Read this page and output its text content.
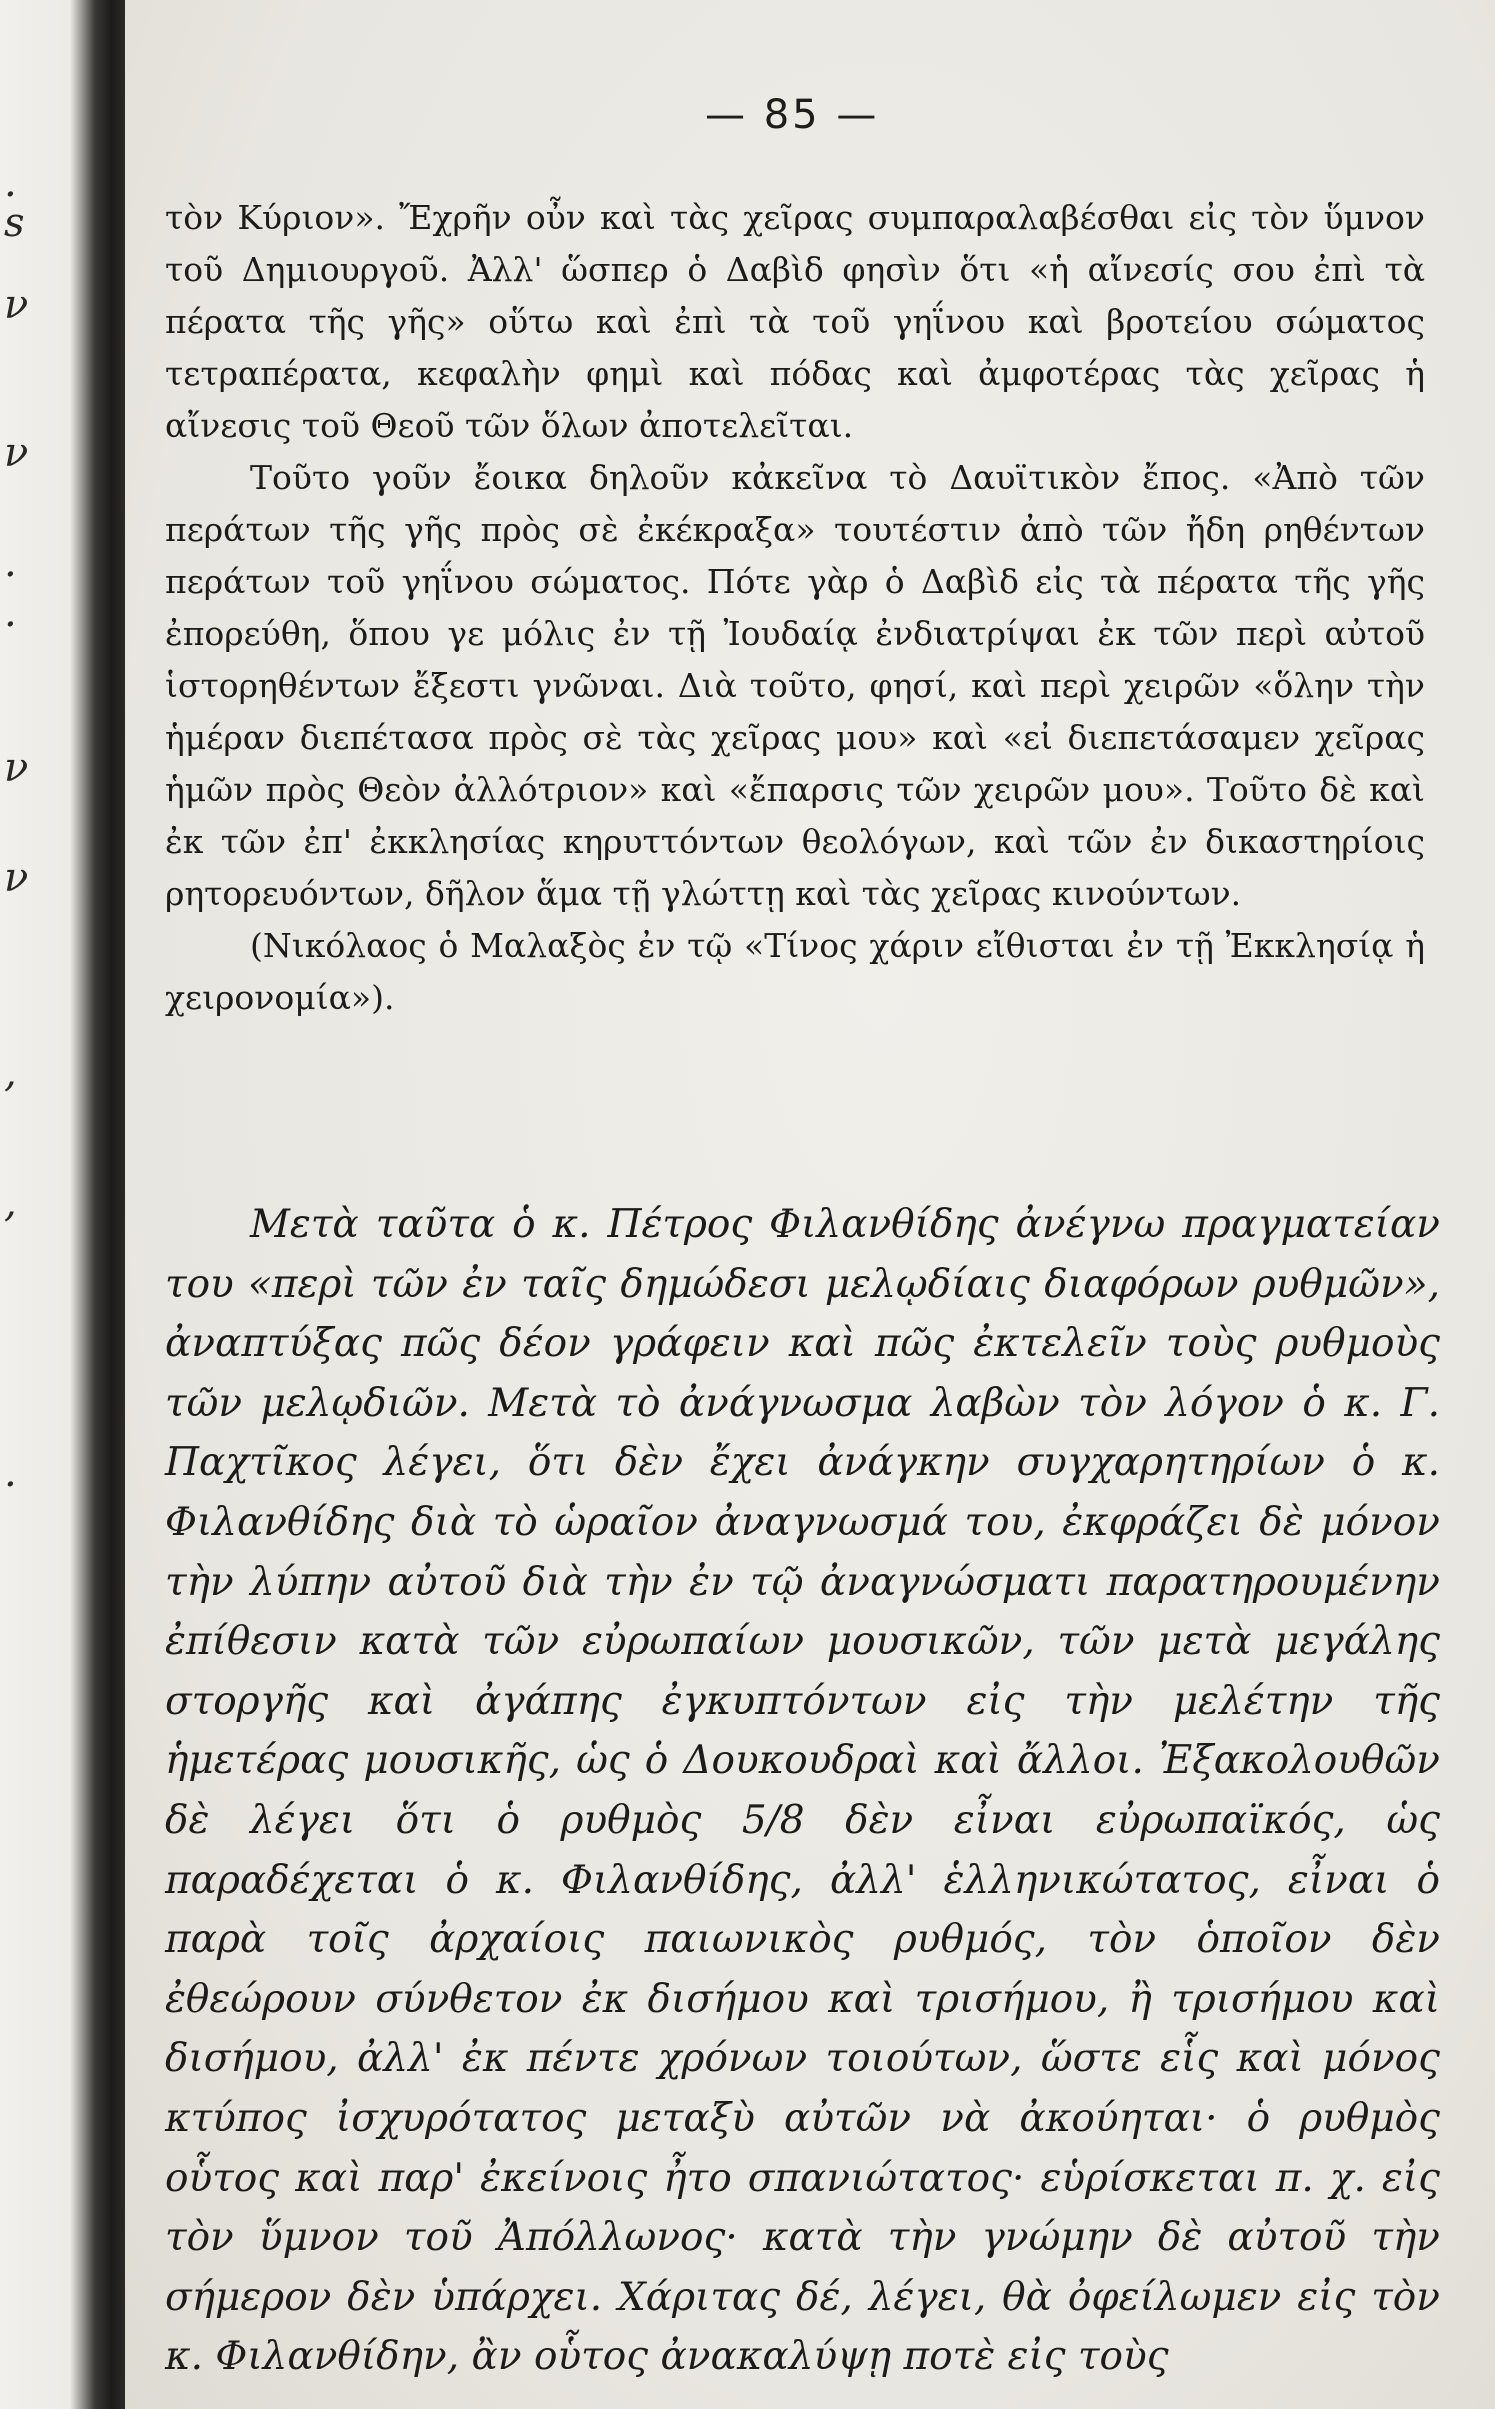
.
s
ν
ν
.
.
ν
ν
,
,
.
— 85 —

τὸν Κύριον». Ἔχρῆν οὖν καὶ τὰς χεῖρας συμπαραλαβέσθαι εἰς τὸν ὕμνον τοῦ Δημιουργοῦ. Ἀλλ' ὥσπερ ὁ Δαβὶδ φησὶν ὅτι «ἡ αἴνεσίς σου ἐπὶ τὰ πέρατα τῆς γῆς» οὕτω καὶ ἐπὶ τὰ τοῦ γηΐνου καὶ βροτείου σώματος τετραπέρατα, κεφαλὴν φημὶ καὶ πόδας καὶ ἀμφοτέρας τὰς χεῖρας ἡ αἴνεσις τοῦ Θεοῦ τῶν ὅλων ἀποτελεῖται.

Τοῦτο γοῦν ἔοικα δηλοῦν κἀκεῖνα τὸ Δαυϊτικὸν ἔπος. «Ἀπὸ τῶν περάτων τῆς γῆς πρὸς σὲ ἐκέκραξα» τουτέστιν ἀπὸ τῶν ἤδη ρηθέντων περάτων τοῦ γηΐνου σώματος. Πότε γὰρ ὁ Δαβὶδ εἰς τὰ πέρατα τῆς γῆς ἐπορεύθη, ὅπου γε μόλις ἐν τῇ Ἰουδαίᾳ ἐνδιατρίψαι ἐκ τῶν περὶ αὐτοῦ ἱστορηθέντων ἔξεστι γνῶναι. Διὰ τοῦτο, φησί, καὶ περὶ χειρῶν «ὅλην τὴν ἡμέραν διεπέτασα πρὸς σὲ τὰς χεῖρας μου» καὶ «εἰ διεπετάσαμεν χεῖρας ἡμῶν πρὸς Θεὸν ἀλλότριον» καὶ «ἔπαρσις τῶν χειρῶν μου». Τοῦτο δὲ καὶ ἐκ τῶν ἐπ' ἐκκλησίας κηρυττόντων θεολόγων, καὶ τῶν ἐν δικαστηρίοις ρητορευόντων, δῆλον ἅμα τῇ γλώττῃ καὶ τὰς χεῖρας κινούντων.

(Νικόλαος ὁ Μαλαξὸς ἐν τῷ «Τίνος χάριν εἴθισται ἐν τῇ Ἐκκλησίᾳ ἡ χειρονομία»).

Μετὰ ταῦτα ὁ κ. Πέτρος Φιλανθίδης ἀνέγνω πραγματείαν του «περὶ τῶν ἐν ταῖς δημώδεσι μελῳδίαις διαφόρων ρυθμῶν», ἀναπτύξας πῶς δέον γράφειν καὶ πῶς ἐκτελεῖν τοὺς ρυθμοὺς τῶν μελῳδιῶν. Μετὰ τὸ ἀνάγνωσμα λαβὼν τὸν λόγον ὁ κ. Γ. Παχτῖκος λέγει, ὅτι δὲν ἔχει ἀνάγκην συγχαρητηρίων ὁ κ. Φιλανθίδης διὰ τὸ ὡραῖον ἀναγνωσμά του, ἐκφράζει δὲ μόνον τὴν λύπην αὐτοῦ διὰ τὴν ἐν τῷ ἀναγνώσματι παρατηρουμένην ἐπίθεσιν κατὰ τῶν εὐρωπαίων μουσικῶν, τῶν μετὰ μεγάλης στοργῆς καὶ ἀγάπης ἐγκυπτόντων εἰς τὴν μελέτην τῆς ἡμετέρας μουσικῆς, ὡς ὁ Δουκουδραὶ καὶ ἄλλοι. Ἐξακολουθῶν δὲ λέγει ὅτι ὁ ρυθμὸς 5/8 δὲν εἶναι εὐρωπαϊκός, ὡς παραδέχεται ὁ κ. Φιλανθίδης, ἀλλ' ἑλληνικώτατος, εἶναι ὁ παρὰ τοῖς ἀρχαίοις παιωνικὸς ρυθμός, τὸν ὁποῖον δὲν ἐθεώρουν σύνθετον ἐκ δισήμου καὶ τρισήμου, ἢ τρισήμου καὶ δισήμου, ἀλλ' ἐκ πέντε χρόνων τοιούτων, ὥστε εἷς καὶ μόνος κτύπος ἰσχυρότατος μεταξὺ αὐτῶν νὰ ἀκούηται· ὁ ρυθμὸς οὗτος καὶ παρ' ἐκείνοις ἦτο σπανιώτατος· εὑρίσκεται π. χ. εἰς τὸν ὕμνον τοῦ Ἀπόλλωνος· κατὰ τὴν γνώμην δὲ αὐτοῦ τὴν σήμερον δὲν ὑπάρχει. Χάριτας δέ, λέγει, θὰ ὀφείλωμεν εἰς τὸν κ. Φιλανθίδην, ἂν οὗτος ἀνακαλύψῃ ποτὲ εἰς τοὺς
